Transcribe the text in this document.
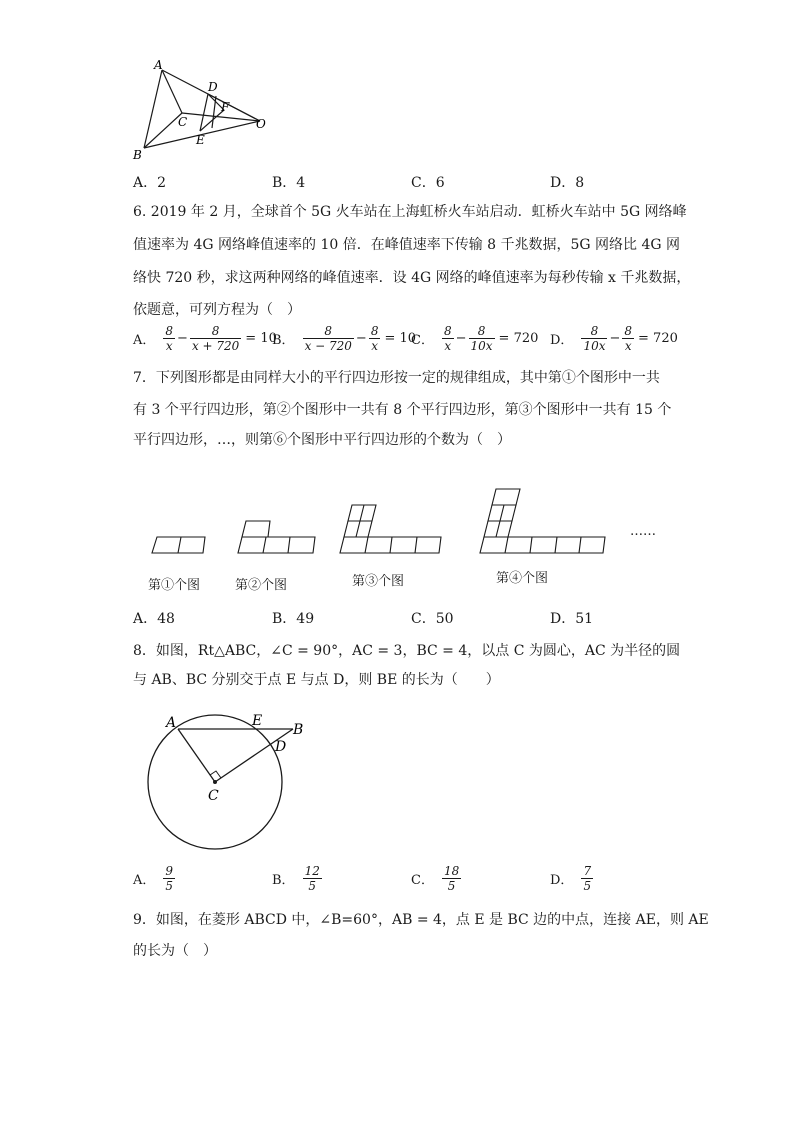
A
B
C
D
E
F
O
A．2	B．4	C．6	D．8
6. 2019 年 2 月，全球首个 5G 火车站在上海虹桥火车站启动．虹桥火车站中 5G 网络峰
值速率为 4G 网络峰值速率的 10 倍．在峰值速率下传输 8 千兆数据，5G 网络比 4G 网
络快 720 秒，求这两种网络的峰值速率．设 4G 网络的峰值速率为每秒传输 x 千兆数据，
依题意，可列方程为（　）
A． $\frac{8}{x} - \frac{8}{x + 720} = 10$
B． $\frac{8}{x - 720} - \frac{8}{x} = 10$
C． $\frac{8}{x} - \frac{8}{10x} = 720$ D． $\frac{8}{10x} - \frac{8}{x} = 720$
7．下列图形都是由同样大小的平行四边形按一定的规律组成，其中第①个图形中一共
有 3 个平行四边形，第②个图形中一共有 8 个平行四边形，第③个图形中一共有 15 个
平行四边形，…，则第⑥个图形中平行四边形的个数为（　）
……
第①个图	第②个图	第③个图	第④个图
A．48	B．49	C．50	D．51
8．如图，Rt△ABC，∠C = 90°，AC = 3，BC = 4，以点 C 为圆心，AC 为半径的圆
与 AB、BC 分别交于点 E 与点 D，则 BE 的长为（　　）
A	E
B
D
C
A． $\frac{9}{5}$	B． $\frac{12}{5}$	C． $\frac{18}{5}$	D． $\frac{7}{5}$
9．如图，在菱形 ABCD 中，∠B=60°，AB = 4，点 E 是 BC 边的中点，连接 AE，则 AE
的长为（　）
